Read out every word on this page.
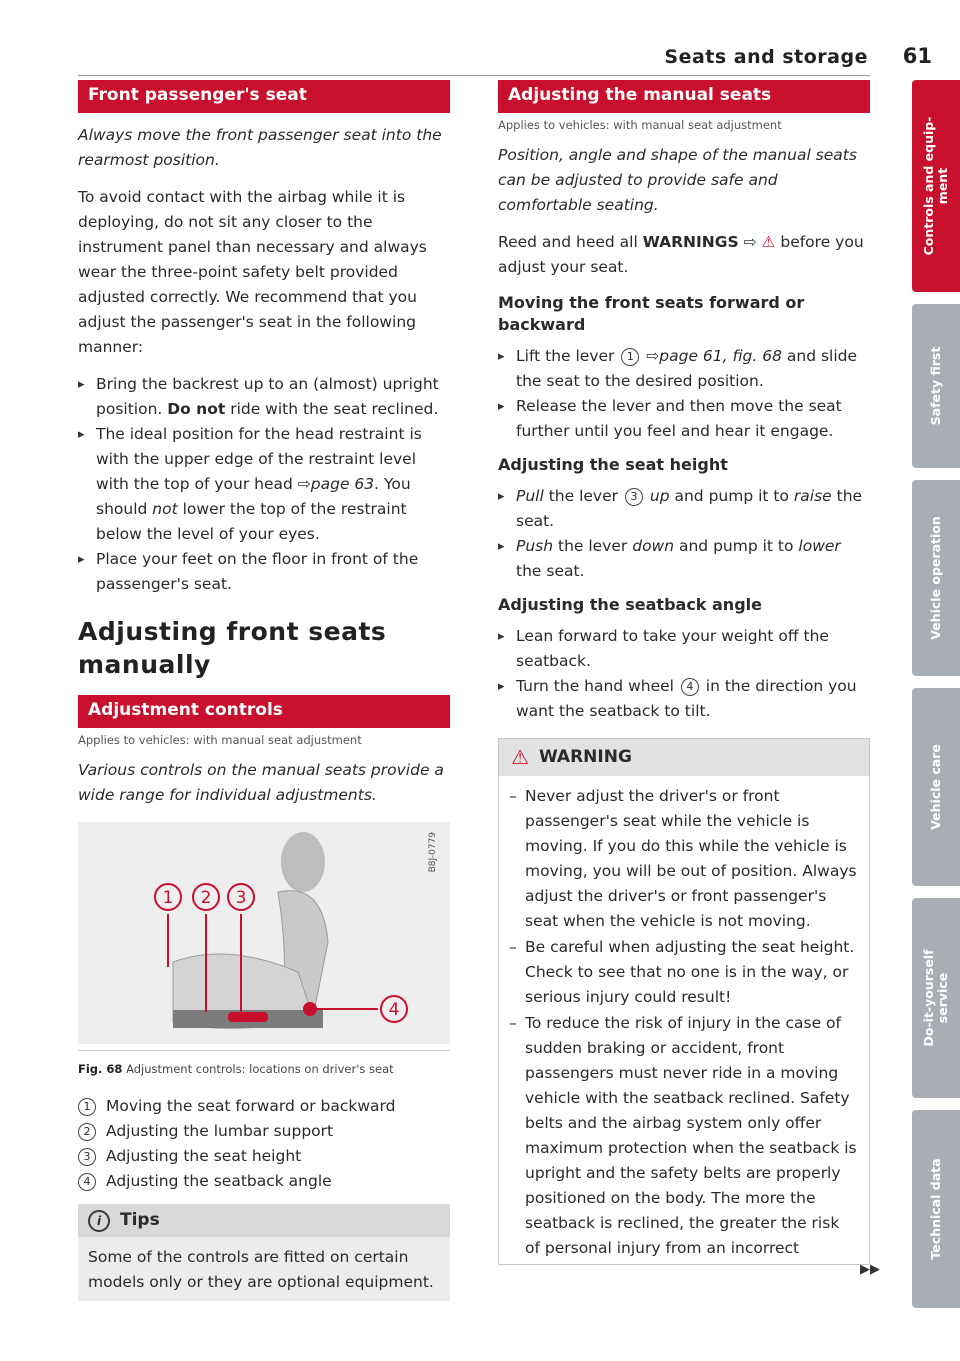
Seats and storage 61
Front passenger's seat

Always move the front passenger seat into the rearmost position.

To avoid contact with the airbag while it is deploying, do not sit any closer to the instrument panel than necessary and always wear the three-point safety belt provided adjusted correctly. We recommend that you adjust the passenger's seat in the following manner:

▸ Bring the backrest up to an (almost) upright position. Do not ride with the seat reclined.
▸ The ideal position for the head restraint is with the upper edge of the restraint level with the top of your head ⇨page 63. You should not lower the top of the restraint below the level of your eyes.
▸ Place your feet on the floor in front of the passenger's seat.
Adjusting front seats manually
Adjustment controls
Applies to vehicles: with manual seat adjustment

Various controls on the manual seats provide a wide range for individual adjustments.

1 2 3
4
B8J-0779
Fig. 68 Adjustment controls: locations on driver's seat
1	Moving the seat forward or backward
2	Adjusting the lumbar support
3	Adjusting the seat height
4	Adjusting the seatback angle
i	Tips
Some of the controls are fitted on certain models only or they are optional equipment.
Adjusting the manual seats
Applies to vehicles: with manual seat adjustment

Position, angle and shape of the manual seats can be adjusted to provide safe and comfortable seating.

Reed and heed all WARNINGS ⇨ ⚠ before you adjust your seat.

Moving the front seats forward or backward
▸ Lift the lever 1 ⇨page 61, fig. 68 and slide the seat to the desired position.
▸ Release the lever and then move the seat further until you feel and hear it engage.
Adjusting the seat height
▸ Pull the lever 3 up and pump it to raise the seat.
▸ Push the lever down and pump it to lower the seat.
Adjusting the seatback angle
▸ Lean forward to take your weight off the seatback.
▸ Turn the hand wheel 4 in the direction you want the seatback to tilt.
⚠ WARNING
– Never adjust the driver's or front passenger's seat while the vehicle is moving. If you do this while the vehicle is moving, you will be out of position. Always adjust the driver's or front passenger's seat when the vehicle is not moving.
– Be careful when adjusting the seat height. Check to see that no one is in the way, or serious injury could result!
– To reduce the risk of injury in the case of sudden braking or accident, front passengers must never ride in a moving vehicle with the seatback reclined. Safety belts and the airbag system only offer maximum protection when the seatback is upright and the safety belts are properly positioned on the body. The more the seatback is reclined, the greater the risk of personal injury from an incorrect
▶▶
Controls and equip-
ment
Safety first
Vehicle operation
Vehicle care
Do-it-yourself
service
Technical data
